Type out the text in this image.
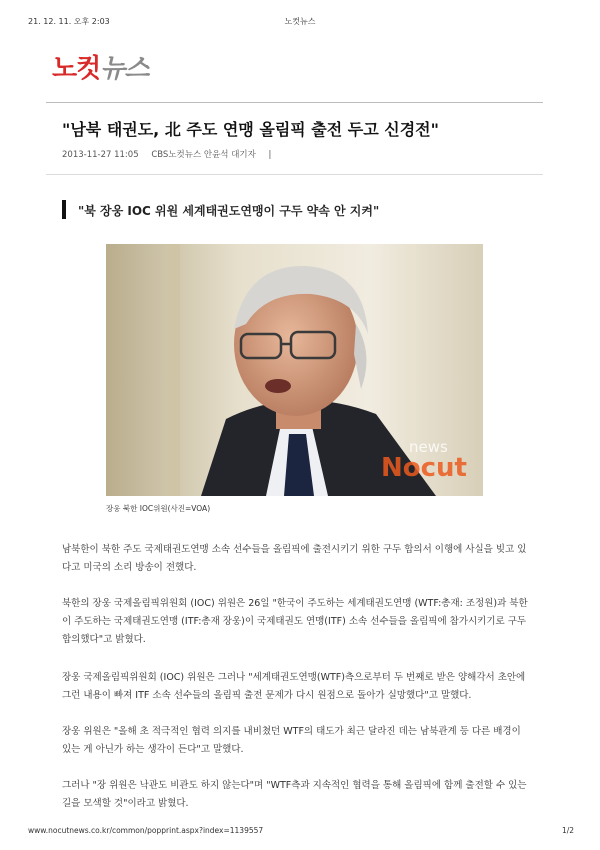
21. 12. 11. 오후 2:03	노컷뉴스
노컷뉴스
"남북 태권도, 北 주도 연맹 올림픽 출전 두고 신경전"
2013-11-27 11:05 CBS노컷뉴스 안윤석 대기자 |
"북 장웅 IOC 위원 세계태권도연맹이 구두 약속 안 지켜"
news
Nocut
장웅 북한 IOC위원(사진=VOA)
남북한이 북한 주도 국제태권도연맹 소속 선수들을 올림픽에 출전시키기 위한 구두 합의서 이행에 사실을 빚고 있다고 미국의 소리 방송이 전했다.
북한의 장웅 국제올림픽위원회 (IOC) 위원은 26일 "한국이 주도하는 세계태권도연맹 (WTF:총재: 조정원)과 북한이 주도하는 국제태권도연맹 (ITF:총재 장웅)이 국제태권도 연맹(ITF) 소속 선수들을 올림픽에 참가시키기로 구두 합의했다"고 밝혔다.
장웅 국제올림픽위원회 (IOC) 위원은 그러나 "세계태권도연맹(WTF)측으로부터 두 번째로 받은 양해각서 초안에 그런 내용이 빠져 ITF 소속 선수들의 올림픽 출전 문제가 다시 원점으로 돌아가 실망했다"고 말했다.
장웅 위원은 "올해 초 적극적인 협력 의지를 내비쳤던 WTF의 태도가 최근 달라진 데는 남북관계 등 다른 배경이 있는 게 아닌가 하는 생각이 든다"고 말했다.
그러나 "장 위원은 낙관도 비관도 하지 않는다"며 "WTF측과 지속적인 협력을 통해 올림픽에 함께 출전할 수 있는 길을 모색할 것"이라고 밝혔다.
www.nocutnews.co.kr/common/popprint.aspx?index=1139557	1/2
